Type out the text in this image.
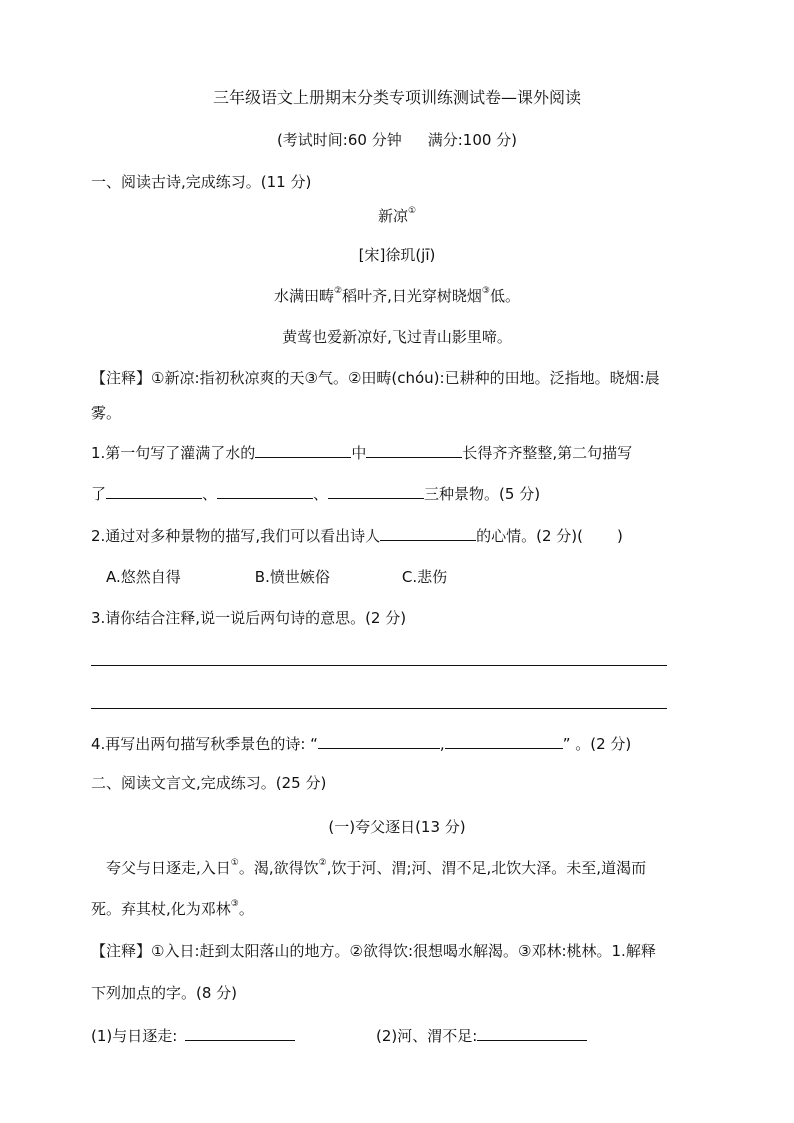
三年级语文上册期末分类专项训练测试卷—课外阅读
(考试时间:60 分钟 满分:100 分)
一、阅读古诗,完成练习。(11 分)
新凉①
[宋]徐玑(jī)
水满田畴②稻叶齐,日光穿树晓烟③低。
黄莺也爱新凉好,飞过青山影里啼。
【注释】①新凉:指初秋凉爽的天③气。②田畴(chóu):已耕种的田地。泛指地。晓烟:晨
雾。
1.第一句写了灌满了水的	中	长得齐齐整整,第二句描写
了	、	、	三种景物。(5 分)
2.通过对多种景物的描写,我们可以看出诗人	的心情。(2 分)( )
A.悠然自得	B.愤世嫉俗	C.悲伤
3.请你结合注释,说一说后两句诗的意思。(2 分)
4.再写出两句描写秋季景色的诗: “	,	” 。(2 分)
二、阅读文言文,完成练习。(25 分)
(一)夸父逐日(13 分)
夸父与日逐走,入日①。渴,欲得饮②,饮于河、渭;河、渭不足,北饮大泽。未至,道渴而
死。弃其杖,化为邓林③。
【注释】①入日:赶到太阳落山的地方。②欲得饮:很想喝水解渴。③邓林:桃林。1.解释
下列加点的字。(8 分)
(1)与日逐走:	(2)河、渭不足:
